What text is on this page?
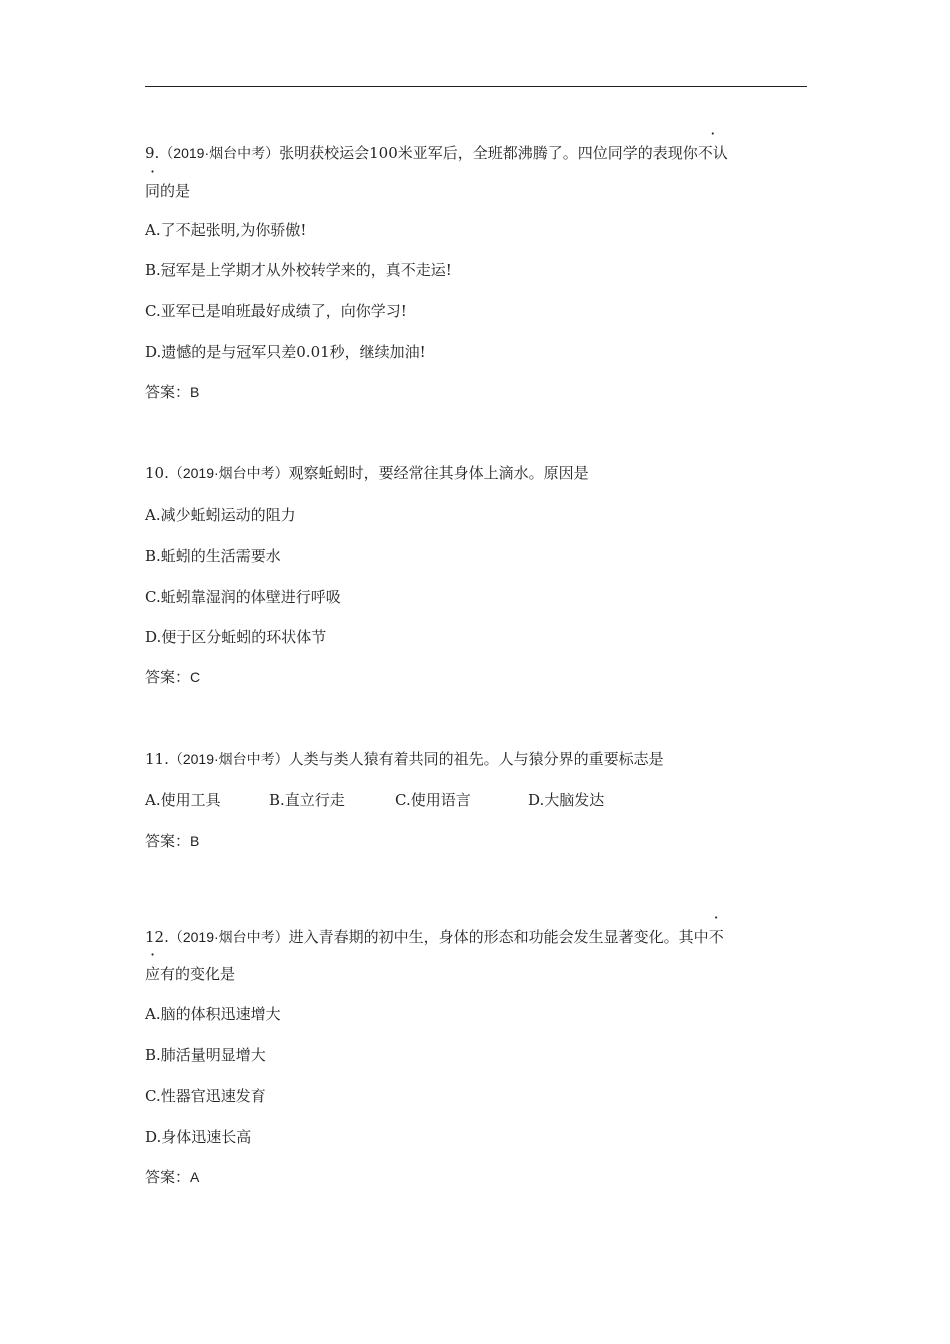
9.（2019·烟台中考）张明获校运会100米亚军后，全班都沸腾了。四位同学的表现你不认
同的是
A.了不起张明,为你骄傲!
B.冠军是上学期才从外校转学来的，真不走运!
C.亚军已是咱班最好成绩了，向你学习!
D.遗憾的是与冠军只差0.01秒，继续加油!
答案：B
10.（2019·烟台中考）观察蚯蚓时，要经常往其身体上滴水。原因是
A.减少蚯蚓运动的阻力
B.蚯蚓的生活需要水
C.蚯蚓靠湿润的体壁进行呼吸
D.便于区分蚯蚓的环状体节
答案：C
11.（2019·烟台中考）人类与类人猿有着共同的祖先。人与猿分界的重要标志是
A.使用工具	B.直立行走	C.使用语言	D.大脑发达
答案：B
12.（2019·烟台中考）进入青春期的初中生，身体的形态和功能会发生显著变化。其中不
应有的变化是
A.脑的体积迅速增大
B.肺活量明显增大
C.性器官迅速发育
D.身体迅速长高
答案：A
